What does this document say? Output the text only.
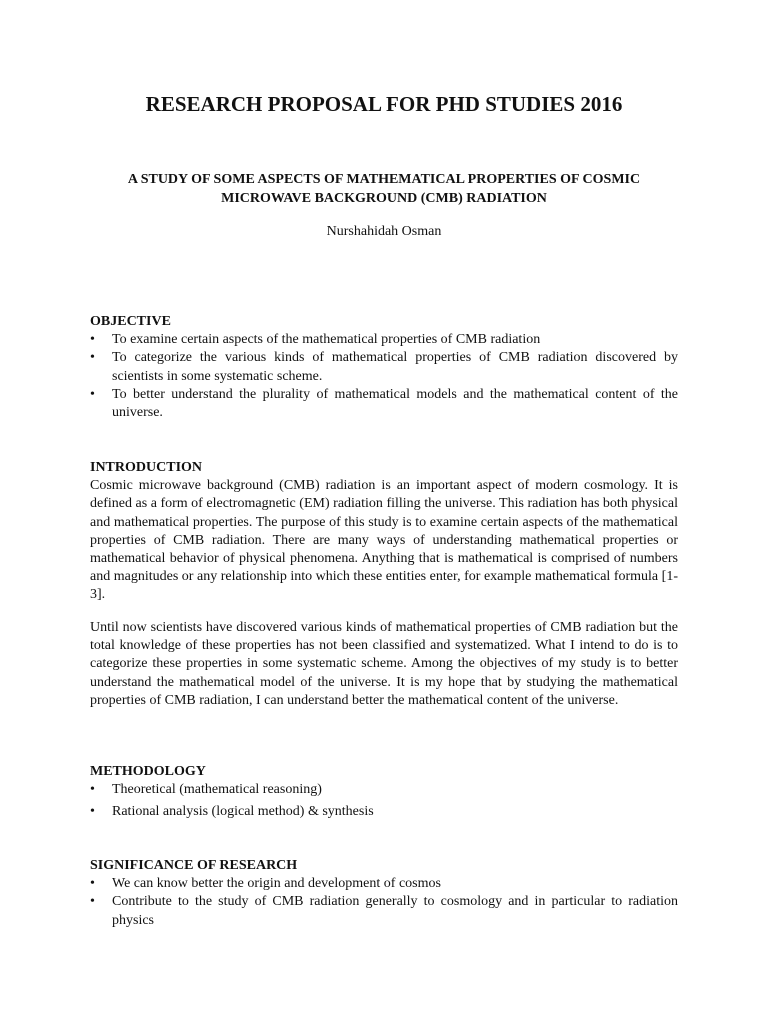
RESEARCH PROPOSAL FOR PHD STUDIES 2016
A STUDY OF SOME ASPECTS OF MATHEMATICAL PROPERTIES OF COSMIC MICROWAVE BACKGROUND (CMB) RADIATION

Nurshahidah Osman

OBJECTIVE

• To examine certain aspects of the mathematical properties of CMB radiation
• To categorize the various kinds of mathematical properties of CMB radiation discovered by scientists in some systematic scheme.
• To better understand the plurality of mathematical models and the mathematical content of the universe.

INTRODUCTION

Cosmic microwave background (CMB) radiation is an important aspect of modern cosmology. It is defined as a form of electromagnetic (EM) radiation filling the universe. This radiation has both physical and mathematical properties. The purpose of this study is to examine certain aspects of the mathematical properties of CMB radiation. There are many ways of understanding mathematical properties or mathematical behavior of physical phenomena. Anything that is mathematical is comprised of numbers and magnitudes or any relationship into which these entities enter, for example mathematical formula [1-3].

Until now scientists have discovered various kinds of mathematical properties of CMB radiation but the total knowledge of these properties has not been classified and systematized. What I intend to do is to categorize these properties in some systematic scheme. Among the objectives of my study is to better understand the mathematical model of the universe. It is my hope that by studying the mathematical properties of CMB radiation, I can understand better the mathematical content of the universe.

METHODOLOGY

• Theoretical (mathematical reasoning)
• Rational analysis (logical method) & synthesis

SIGNIFICANCE OF RESEARCH

• We can know better the origin and development of cosmos
• Contribute to the study of CMB radiation generally to cosmology and in particular to radiation physics
